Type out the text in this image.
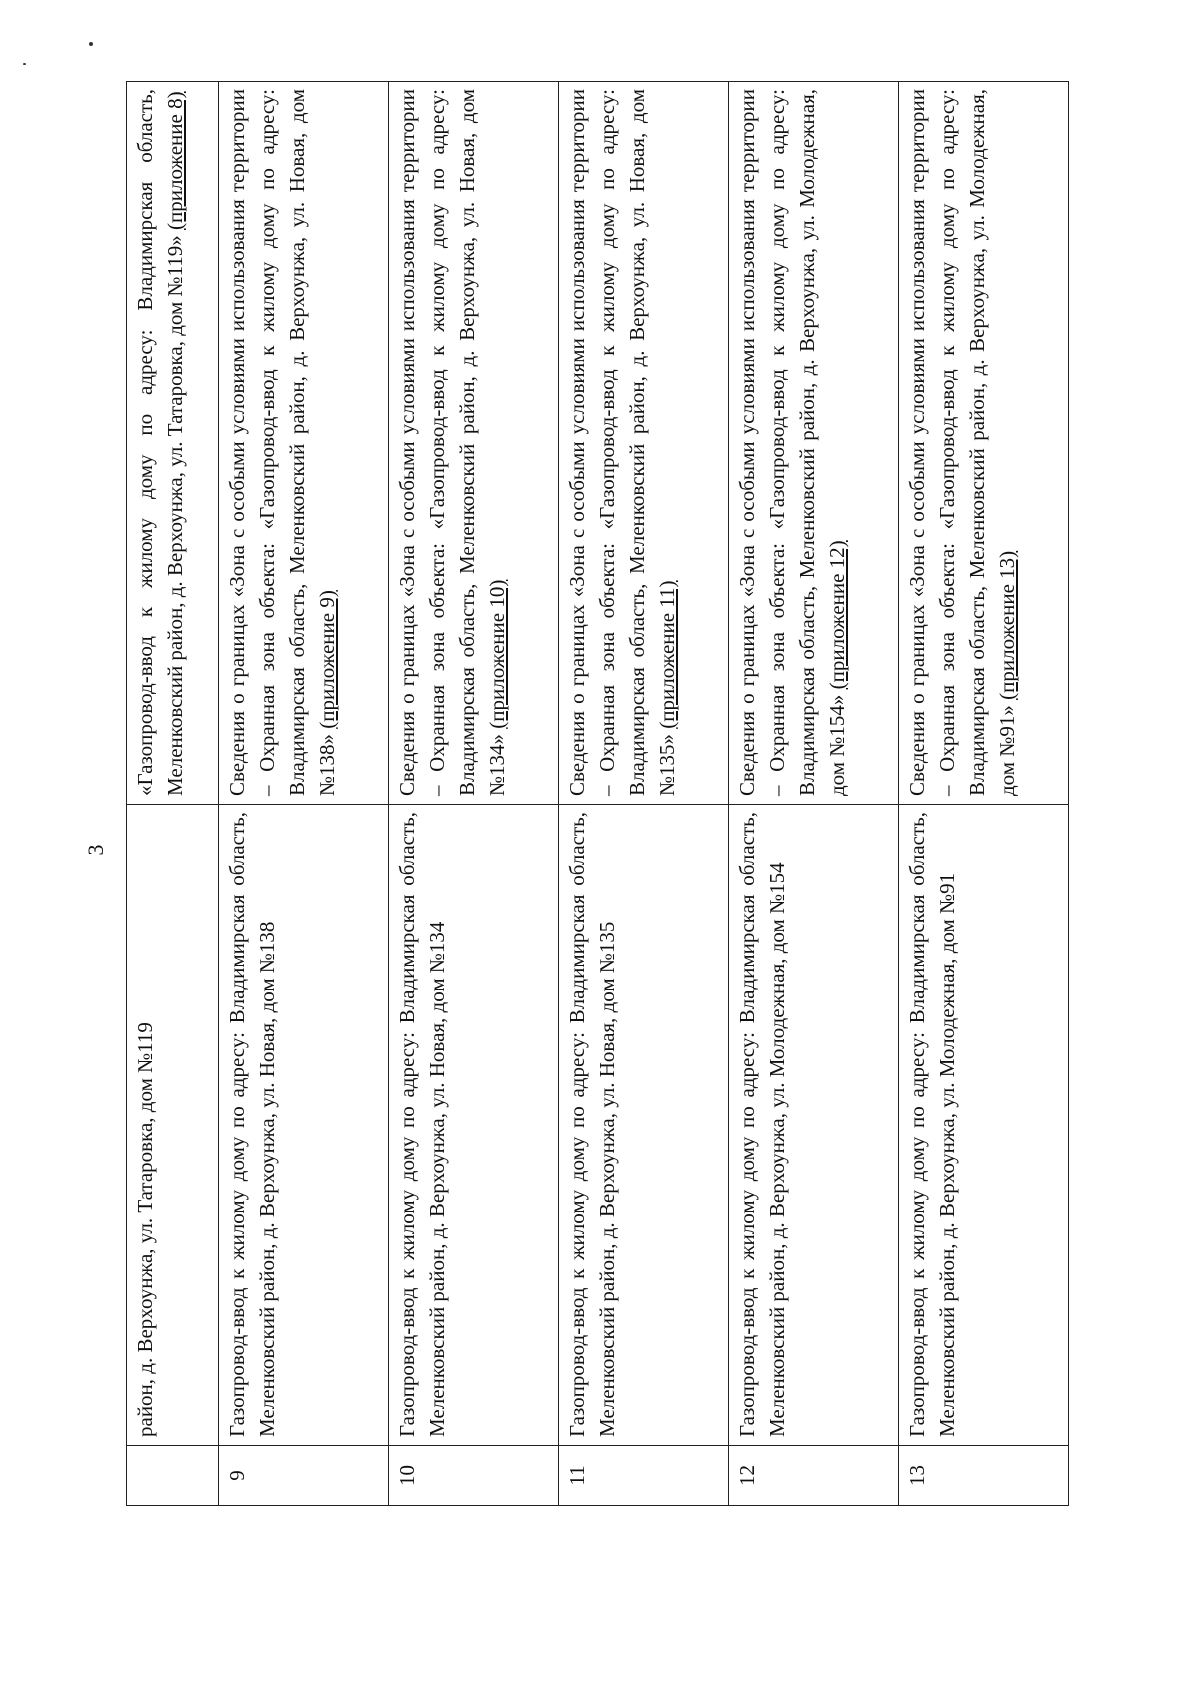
3
	район, д. Верхоунжа, ул. Татаровка, дом №119	«Газопровод-ввод к жилому дому по адресу: Владимирская область, Меленковский район, д. Верхоунжа, ул. Татаровка, дом №119» (приложение 8)
9	Газопровод-ввод к жилому дому по адресу: Владимирская область, Меленковский район, д. Верхоунжа, ул. Новая, дом №138	Сведения о границах «Зона с особыми условиями использования территории – Охранная зона объекта: «Газопровод-ввод к жилому дому по адресу: Владимирская область, Меленковский район, д. Верхоунжа, ул. Новая, дом №138» (приложение 9)
10	Газопровод-ввод к жилому дому по адресу: Владимирская область, Меленковский район, д. Верхоунжа, ул. Новая, дом №134	Сведения о границах «Зона с особыми условиями использования территории – Охранная зона объекта: «Газопровод-ввод к жилому дому по адресу: Владимирская область, Меленковский район, д. Верхоунжа, ул. Новая, дом №134» (приложение 10)
11	Газопровод-ввод к жилому дому по адресу: Владимирская область, Меленковский район, д. Верхоунжа, ул. Новая, дом №135	Сведения о границах «Зона с особыми условиями использования территории – Охранная зона объекта: «Газопровод-ввод к жилому дому по адресу: Владимирская область, Меленковский район, д. Верхоунжа, ул. Новая, дом №135» (приложение 11)
12	Газопровод-ввод к жилому дому по адресу: Владимирская область, Меленковский район, д. Верхоунжа, ул. Молодежная, дом №154	Сведения о границах «Зона с особыми условиями использования территории – Охранная зона объекта: «Газопровод-ввод к жилому дому по адресу: Владимирская область, Меленковский район, д. Верхоунжа, ул. Молодежная, дом №154» (приложение 12)
13	Газопровод-ввод к жилому дому по адресу: Владимирская область, Меленковский район, д. Верхоунжа, ул. Молодежная, дом №91	Сведения о границах «Зона с особыми условиями использования территории – Охранная зона объекта: «Газопровод-ввод к жилому дому по адресу: Владимирская область, Меленковский район, д. Верхоунжа, ул. Молодежная, дом №91» (приложение 13)
